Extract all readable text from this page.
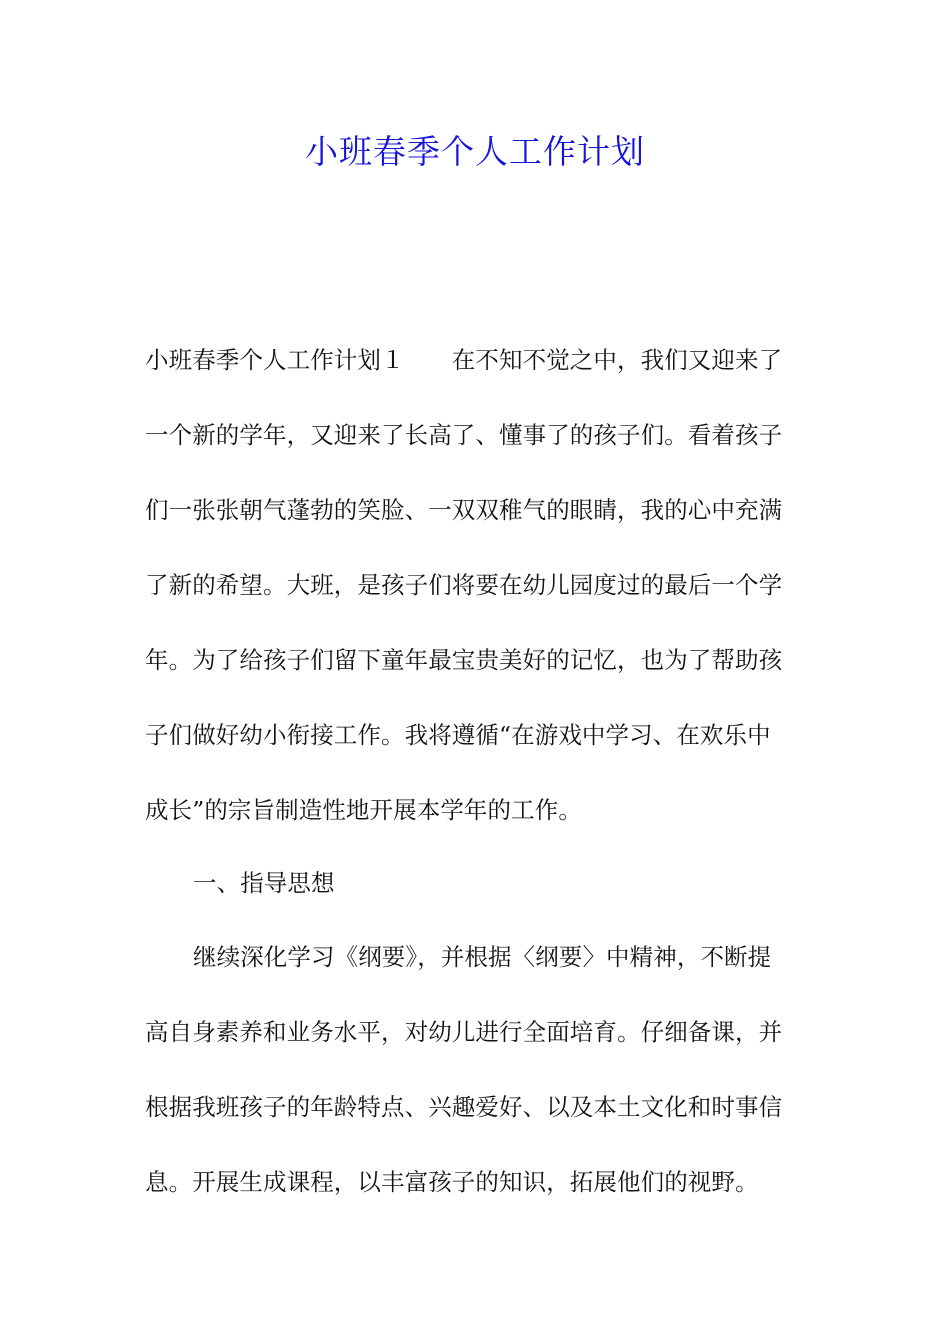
小班春季个人工作计划

小班春季个人工作计划１　　在不知不觉之中，我们又迎来了

一个新的学年，又迎来了长高了、懂事了的孩子们。看着孩子

们一张张朝气蓬勃的笑脸、一双双稚气的眼睛，我的心中充满

了新的希望。大班，是孩子们将要在幼儿园度过的最后一个学

年。为了给孩子们留下童年最宝贵美好的记忆，也为了帮助孩

子们做好幼小衔接工作。我将遵循“在游戏中学习、在欢乐中

成长”的宗旨制造性地开展本学年的工作。

一、指导思想

继续深化学习《纲要》，并根据〈纲要〉中精神，不断提

高自身素养和业务水平，对幼儿进行全面培育。仔细备课，并

根据我班孩子的年龄特点、兴趣爱好、以及本土文化和时事信

息。开展生成课程，以丰富孩子的知识，拓展他们的视野。
